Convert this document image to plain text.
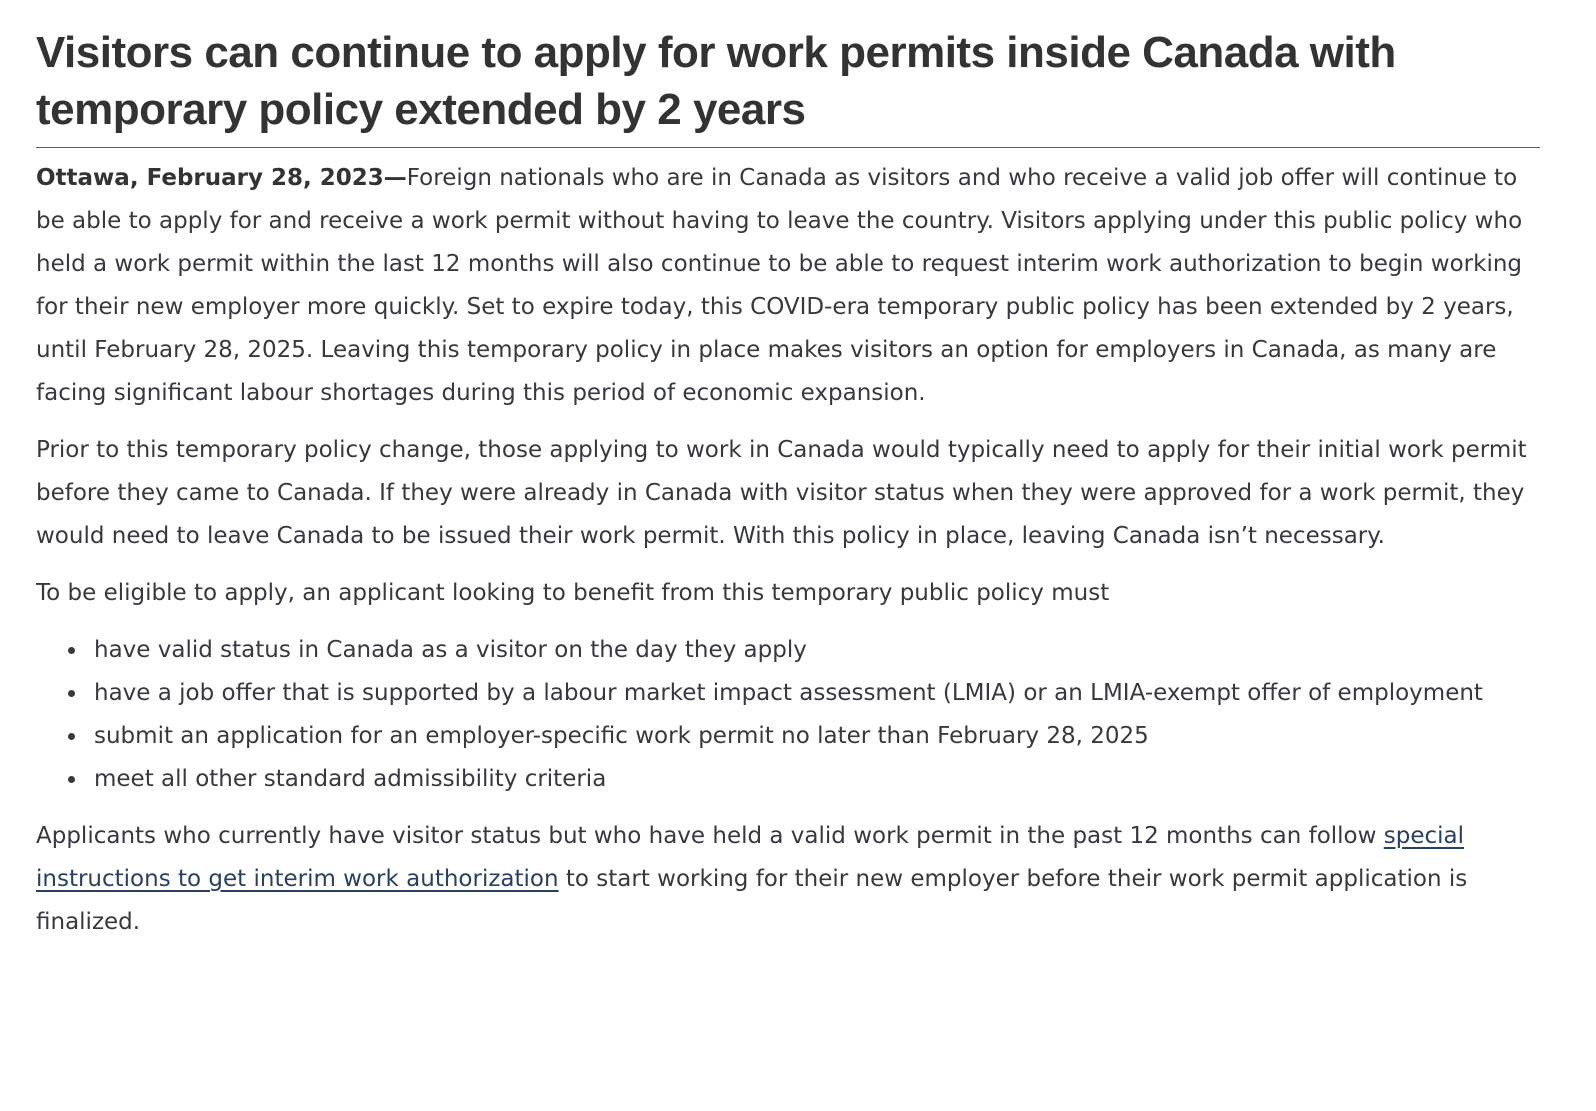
Visitors can continue to apply for work permits inside Canada with temporary policy extended by 2 years

Ottawa, February 28, 2023—Foreign nationals who are in Canada as visitors and who receive a valid job offer will continue to be able to apply for and receive a work permit without having to leave the country. Visitors applying under this public policy who held a work permit within the last 12 months will also continue to be able to request interim work authorization to begin working for their new employer more quickly. Set to expire today, this COVID-era temporary public policy has been extended by 2 years, until February 28, 2025. Leaving this temporary policy in place makes visitors an option for employers in Canada, as many are facing significant labour shortages during this period of economic expansion.

Prior to this temporary policy change, those applying to work in Canada would typically need to apply for their initial work permit before they came to Canada. If they were already in Canada with visitor status when they were approved for a work permit, they would need to leave Canada to be issued their work permit. With this policy in place, leaving Canada isn’t necessary.

To be eligible to apply, an applicant looking to benefit from this temporary public policy must

• have valid status in Canada as a visitor on the day they apply
• have a job offer that is supported by a labour market impact assessment (LMIA) or an LMIA-exempt offer of employment
• submit an application for an employer-specific work permit no later than February 28, 2025
• meet all other standard admissibility criteria

Applicants who currently have visitor status but who have held a valid work permit in the past 12 months can follow special instructions to get interim work authorization to start working for their new employer before their work permit application is finalized.
